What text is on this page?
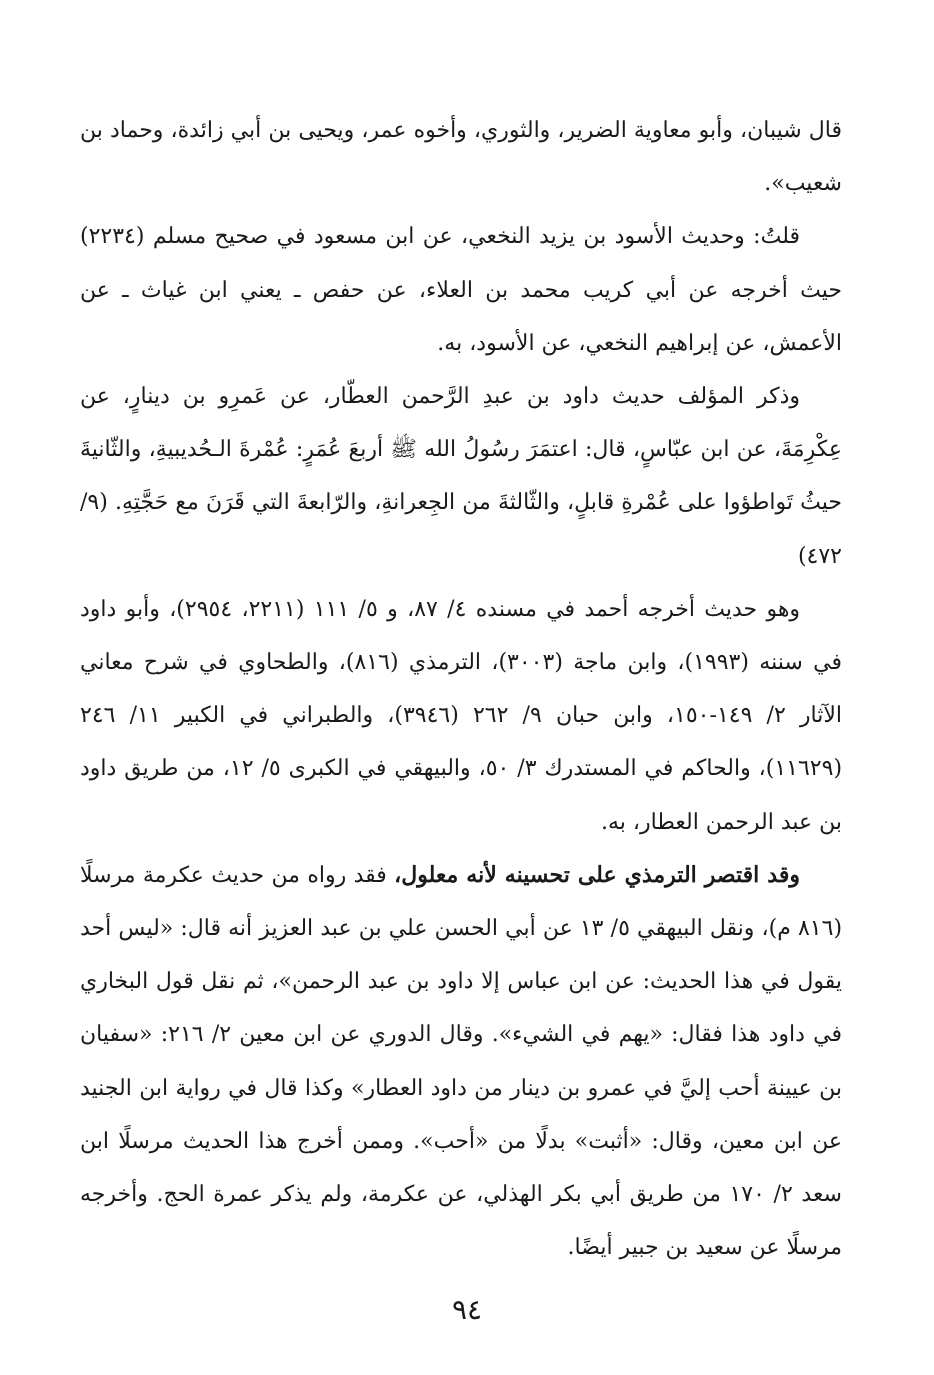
قال شيبان، وأبو معاوية الضرير، والثوري، وأخوه عمر، ويحيى بن أبي زائدة، وحماد بن شعيب».

قلتُ: وحديث الأسود بن يزيد النخعي، عن ابن مسعود في صحيح مسلم (٢٢٣٤) حيث أخرجه عن أبي كريب محمد بن العلاء، عن حفص ـ يعني ابن غياث ـ عن الأعمش، عن إبراهيم النخعي، عن الأسود، به.

وذكر المؤلف حديث داود بن عبدِ الرَّحمن العطّار، عن عَمرِو بن دينارٍ، عن عِكْرِمَةَ، عن ابن عبّاسٍ، قال: اعتمَرَ رسُولُ الله ﷺ أربعَ عُمَرٍ: عُمْرةَ الـحُديبيةِ، والثّانيةَ حيثُ تَواطؤوا على عُمْرةِ قابلٍ، والثّالثةَ من الجِعرانةِ، والرّابعةَ التي قَرَنَ مع حَجَّتِهِ. (٩/ ٤٧٢)

وهو حديث أخرجه أحمد في مسنده ٤/ ٨٧، و ٥/ ١١١ (٢٢١١، ٢٩٥٤)، وأبو داود في سننه (١٩٩٣)، وابن ماجة (٣٠٠٣)، الترمذي (٨١٦)، والطحاوي في شرح معاني الآثار ٢/ ١٤٩-١٥٠، وابن حبان ٩/ ٢٦٢ (٣٩٤٦)، والطبراني في الكبير ١١/ ٢٤٦ (١١٦٢٩)، والحاكم في المستدرك ٣/ ٥٠، والبيهقي في الكبرى ٥/ ١٢، من طريق داود بن عبد الرحمن العطار، به.

وقد اقتصر الترمذي على تحسينه لأنه معلول، فقد رواه من حديث عكرمة مرسلًا (٨١٦ م)، ونقل البيهقي ٥/ ١٣ عن أبي الحسن علي بن عبد العزيز أنه قال: «ليس أحد يقول في هذا الحديث: عن ابن عباس إلا داود بن عبد الرحمن»، ثم نقل قول البخاري في داود هذا فقال: «يهم في الشيء». وقال الدوري عن ابن معين ٢/ ٢١٦: «سفيان بن عيينة أحب إليَّ في عمرو بن دينار من داود العطار» وكذا قال في رواية ابن الجنيد عن ابن معين، وقال: «أثبت» بدلًا من «أحب». وممن أخرج هذا الحديث مرسلًا ابن سعد ٢/ ١٧٠ من طريق أبي بكر الهذلي، عن عكرمة، ولم يذكر عمرة الحج. وأخرجه مرسلًا عن سعيد بن جبير أيضًا.

٩٤
